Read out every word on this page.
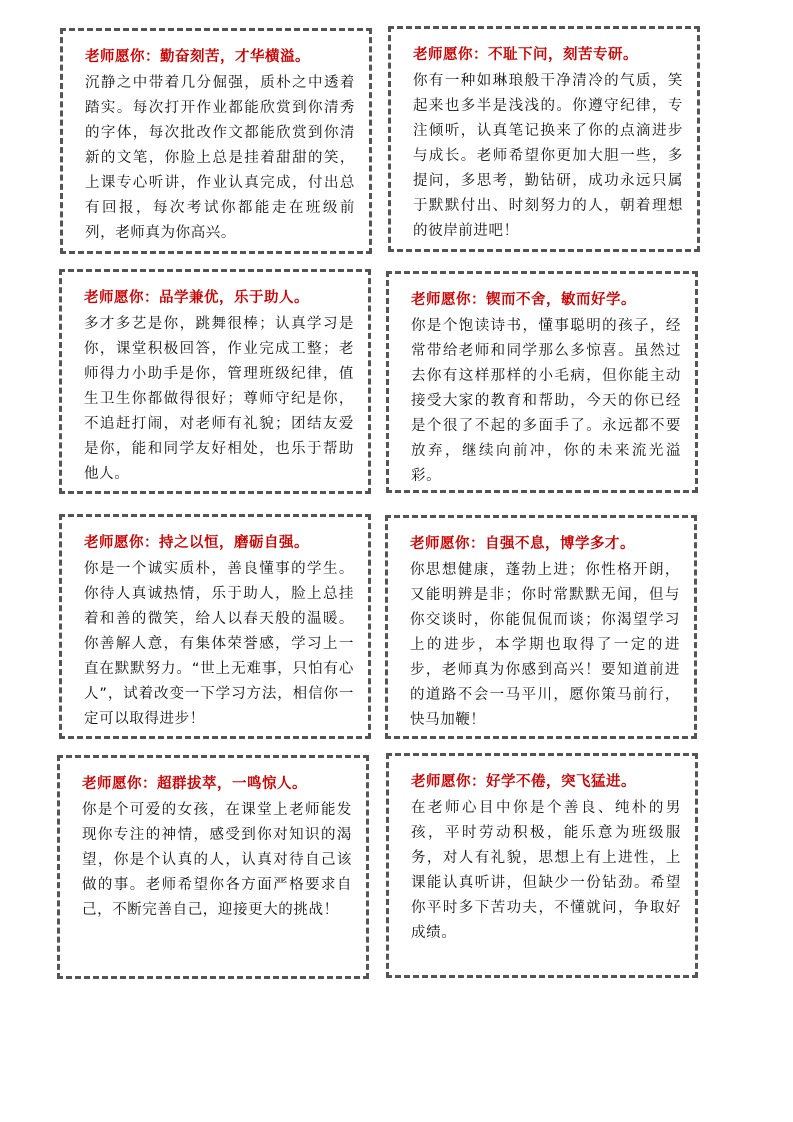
老师愿你：勤奋刻苦，才华横溢。

沉静之中带着几分倔强，质朴之中透着踏实。每次打开作业都能欣赏到你清秀的字体，每次批改作文都能欣赏到你清新的文笔，你脸上总是挂着甜甜的笑，上课专心听讲，作业认真完成，付出总有回报，每次考试你都能走在班级前列，老师真为你高兴。

老师愿你：不耻下问，刻苦专研。

你有一种如琳琅般干净清冷的气质，笑起来也多半是浅浅的。你遵守纪律，专注倾听，认真笔记换来了你的点滴进步与成长。老师希望你更加大胆一些，多提问，多思考，勤钻研，成功永远只属于默默付出、时刻努力的人，朝着理想的彼岸前进吧！

老师愿你：品学兼优，乐于助人。

多才多艺是你，跳舞很棒；认真学习是你，课堂积极回答，作业完成工整；老师得力小助手是你，管理班级纪律，值生卫生你都做得很好；尊师守纪是你，不追赶打闹，对老师有礼貌；团结友爱是你，能和同学友好相处，也乐于帮助他人。

老师愿你：锲而不舍，敏而好学。

你是个饱读诗书，懂事聪明的孩子，经常带给老师和同学那么多惊喜。虽然过去你有这样那样的小毛病，但你能主动接受大家的教育和帮助，今天的你已经是个很了不起的多面手了。永远都不要放弃，继续向前冲，你的未来流光溢彩。

老师愿你：持之以恒，磨砺自强。

你是一个诚实质朴，善良懂事的学生。你待人真诚热情，乐于助人，脸上总挂着和善的微笑，给人以春天般的温暖。你善解人意，有集体荣誉感，学习上一直在默默努力。“世上无难事，只怕有心人”，试着改变一下学习方法，相信你一定可以取得进步！

老师愿你：自强不息，博学多才。

你思想健康，蓬勃上进；你性格开朗，又能明辨是非；你时常默默无闻，但与你交谈时，你能侃侃而谈；你渴望学习上的进步，本学期也取得了一定的进步，老师真为你感到高兴！要知道前进的道路不会一马平川，愿你策马前行，快马加鞭！

老师愿你：超群拔萃，一鸣惊人。

你是个可爱的女孩，在课堂上老师能发现你专注的神情，感受到你对知识的渴望，你是个认真的人，认真对待自己该做的事。老师希望你各方面严格要求自己，不断完善自己，迎接更大的挑战！

老师愿你：好学不倦，突飞猛进。

在老师心目中你是个善良、纯朴的男孩，平时劳动积极，能乐意为班级服务，对人有礼貌，思想上有上进性，上课能认真听讲，但缺少一份钻劲。希望你平时多下苦功夫，不懂就问，争取好成绩。
